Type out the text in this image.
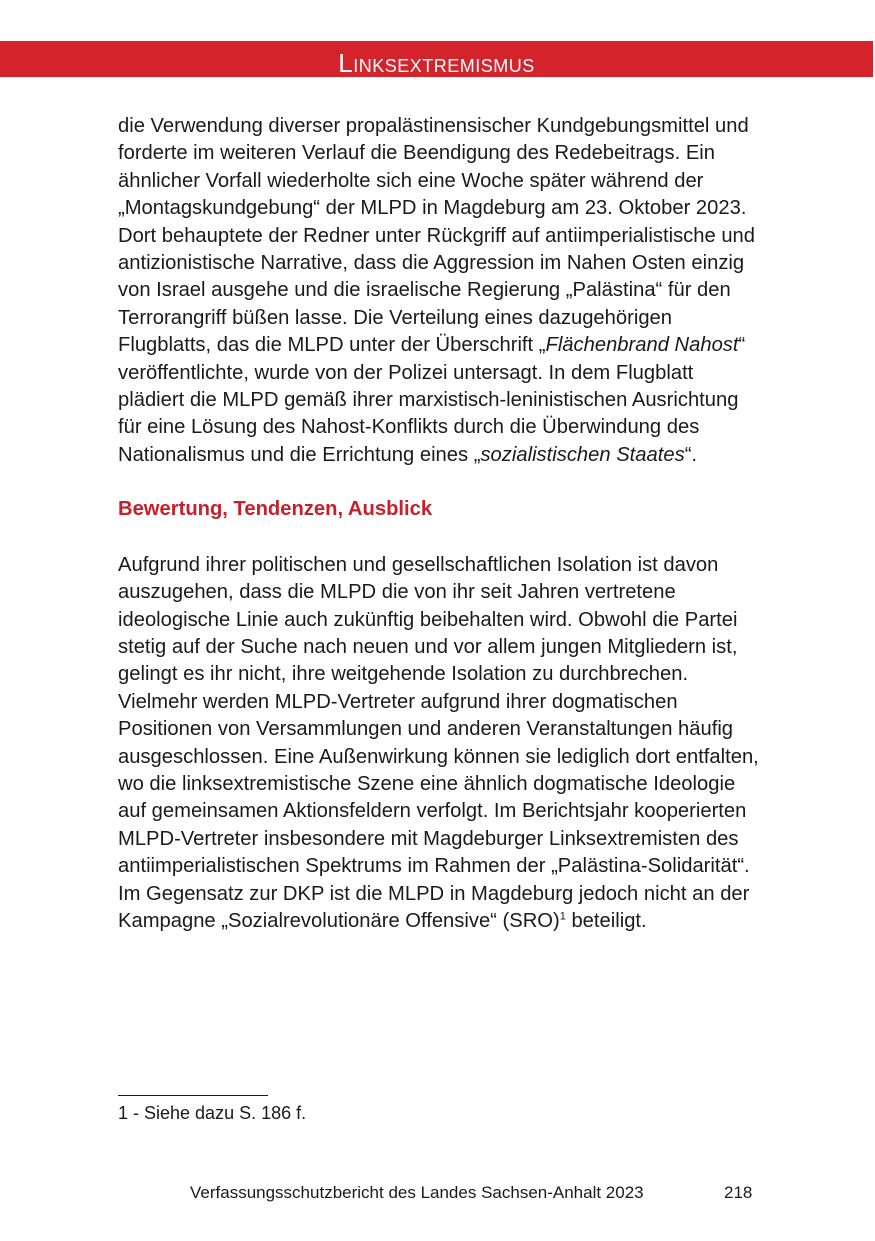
Linksextremismus

die Verwendung diverser propalästinensischer Kundgebungsmittel und forderte im weiteren Verlauf die Beendigung des Redebeitrags. Ein ähnlicher Vorfall wiederholte sich eine Woche später während der „Montagskundgebung“ der MLPD in Magdeburg am 23. Oktober 2023. Dort behauptete der Redner unter Rückgriff auf antiimperialistische und antizionistische Narrative, dass die Aggression im Nahen Osten einzig von Israel ausgehe und die israelische Regierung „Palästina“ für den Terrorangriff büßen lasse. Die Verteilung eines dazugehörigen Flugblatts, das die MLPD unter der Überschrift „Flächenbrand Nahost“ veröffentlichte, wurde von der Polizei untersagt. In dem Flugblatt plädiert die MLPD gemäß ihrer marxistisch-leninistischen Ausrichtung für eine Lösung des Nahost-Konflikts durch die Überwindung des Nationalismus und die Errichtung eines „sozialistischen Staates“.

Bewertung, Tendenzen, Ausblick

Aufgrund ihrer politischen und gesellschaftlichen Isolation ist davon auszugehen, dass die MLPD die von ihr seit Jahren vertretene ideologische Linie auch zukünftig beibehalten wird. Obwohl die Partei stetig auf der Suche nach neuen und vor allem jungen Mitgliedern ist, gelingt es ihr nicht, ihre weitgehende Isolation zu durchbrechen. Vielmehr werden MLPD-Vertreter aufgrund ihrer dogmatischen Positionen von Versammlungen und anderen Veranstaltungen häufig ausgeschlossen. Eine Außenwirkung können sie lediglich dort entfalten, wo die linksextremistische Szene eine ähnlich dogmatische Ideologie auf gemeinsamen Aktionsfeldern verfolgt. Im Berichtsjahr kooperierten MLPD-Vertreter insbesondere mit Magdeburger Linksextremisten des antiimperialistischen Spektrums im Rahmen der „Palästina-Solidarität“. Im Gegensatz zur DKP ist die MLPD in Magdeburg jedoch nicht an der Kampagne „Sozialrevolutionäre Offensive“ (SRO)$^1$ beteiligt.

1 - Siehe dazu S. 186 f.
Verfassungsschutzbericht des Landes Sachsen-Anhalt 2023	218
